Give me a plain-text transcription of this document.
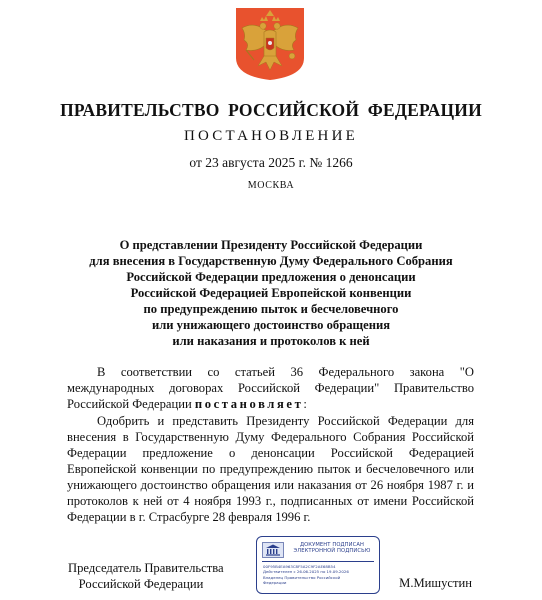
ПРАВИТЕЛЬСТВО РОССИЙСКОЙ ФЕДЕРАЦИИ
ПОСТАНОВЛЕНИЕ
от 23 августа 2025 г. № 1266
МОСКВА
О представлении Президенту Российской Федерации
для внесения в Государственную Думу Федерального Собрания
Российской Федерации предложения о денонсации
Российской Федерацией Европейской конвенции
по предупреждению пыток и бесчеловечного
или унижающего достоинство обращения
или наказания и протоколов к ней
В соответствии со статьей 36 Федерального закона "О международных договорах Российской Федерации" Правительство Российской Федерации постановляет:
Одобрить и представить Президенту Российской Федерации для внесения в Государственную Думу Федерального Собрания Российской Федерации предложение о денонсации Российской Федерацией Европейской конвенции по предупреждению пыток и бесчеловечного или унижающего достоинство обращения или наказания от 26 ноября 1987 г. и протоколов к ней от 4 ноября 1993 г., подписанных от имени Российской Федерации в г. Страсбурге 28 февраля 1996 г.
Председатель Правительства
Российской Федерации
ДОКУМЕНТ ПОДПИСАН
ЭЛЕКТРОННОЙ ПОДПИСЬЮ
00F95B4EA963C8F5A2C9F2AE68B54
Действителен с 26.06.2025 по 19.09.2026
Владелец Правительство Российской
Федерации	М.Мишустин
